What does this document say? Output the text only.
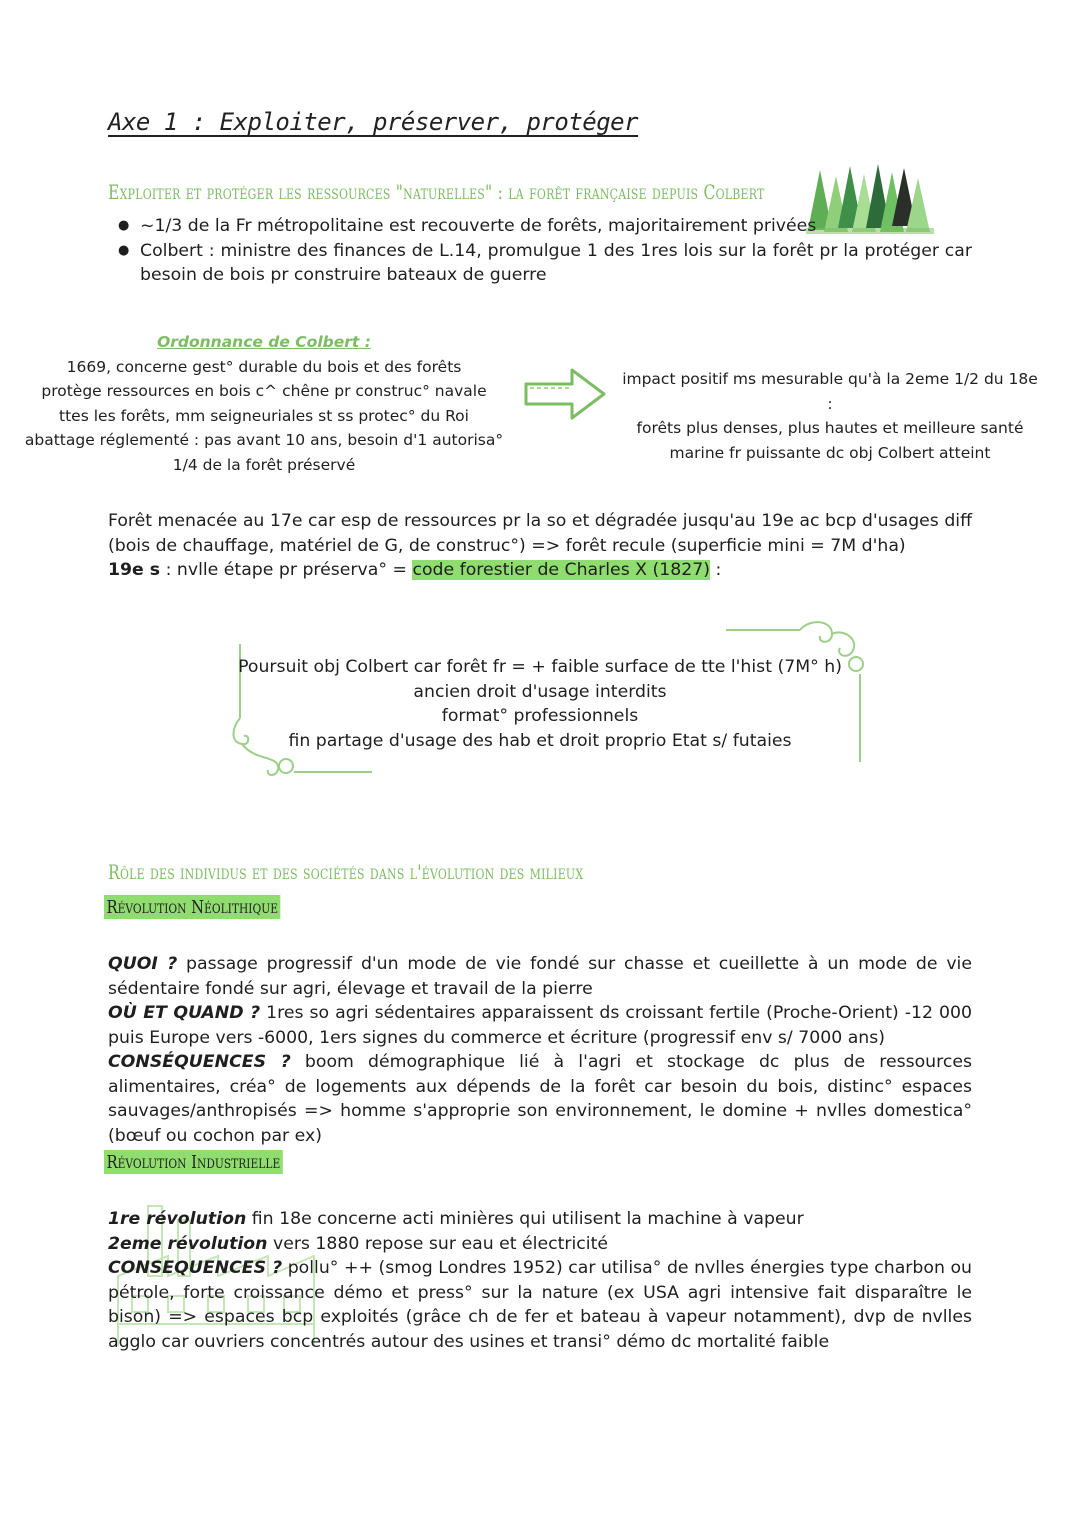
Axe 1 : Exploiter, préserver, protéger
Exploiter et protéger les ressources "naturelles" : la forêt française depuis Colbert
● ~1/3 de la Fr métropolitaine est recouverte de forêts, majoritairement privées
● Colbert : ministre des finances de L.14, promulgue 1 des 1res lois sur la forêt pr la protéger car besoin de bois pr construire bateaux de guerre
Ordonnance de Colbert :
1669, concerne gest° durable du bois et des forêts
protège ressources en bois c^ chêne pr construc° navale
ttes les forêts, mm seigneuriales st ss protec° du Roi
abattage réglementé : pas avant 10 ans, besoin d'1 autorisa°
1/4 de la forêt préservé
impact positif ms mesurable qu'à la 2eme 1/2 du 18e :
forêts plus denses, plus hautes et meilleure santé
marine fr puissante dc obj Colbert atteint

Forêt menacée au 17e car esp de ressources pr la so et dégradée jusqu'au 19e ac bcp d'usages diff (bois de chauffage, matériel de G, de construc°) => forêt recule (superficie mini = 7M d'ha)

19e s : nvlle étape pr préserva° = code forestier de Charles X (1827) :

Poursuit obj Colbert car forêt fr = + faible surface de tte l'hist (7M° h)
ancien droit d'usage interdits
format° professionnels
fin partage d'usage des hab et droit proprio Etat s/ futaies
Rôle des individus et des sociétés dans l'évolution des milieux
Révolution Néolithique

QUOI ? passage progressif d'un mode de vie fondé sur chasse et cueillette à un mode de vie sédentaire fondé sur agri, élevage et travail de la pierre

OÙ ET QUAND ? 1res so agri sédentaires apparaissent ds croissant fertile (Proche-Orient) -12 000 puis Europe vers -6000, 1ers signes du commerce et écriture (progressif env s/ 7000 ans)

CONSÉQUENCES ? boom démographique lié à l'agri et stockage dc plus de ressources alimentaires, créa° de logements aux dépends de la forêt car besoin du bois, distinc° espaces sauvages/anthropisés => homme s'approprie son environnement, le domine + nvlles domestica° (bœuf ou cochon par ex)

Révolution Industrielle

1re révolution fin 18e concerne acti minières qui utilisent la machine à vapeur

2eme révolution vers 1880 repose sur eau et électricité

CONSEQUENCES ? pollu° ++ (smog Londres 1952) car utilisa° de nvlles énergies type charbon ou pétrole, forte croissance démo et press° sur la nature (ex USA agri intensive fait disparaître le bison) => espaces bcp exploités (grâce ch de fer et bateau à vapeur notamment), dvp de nvlles agglo car ouvriers concentrés autour des usines et transi° démo dc mortalité faible
